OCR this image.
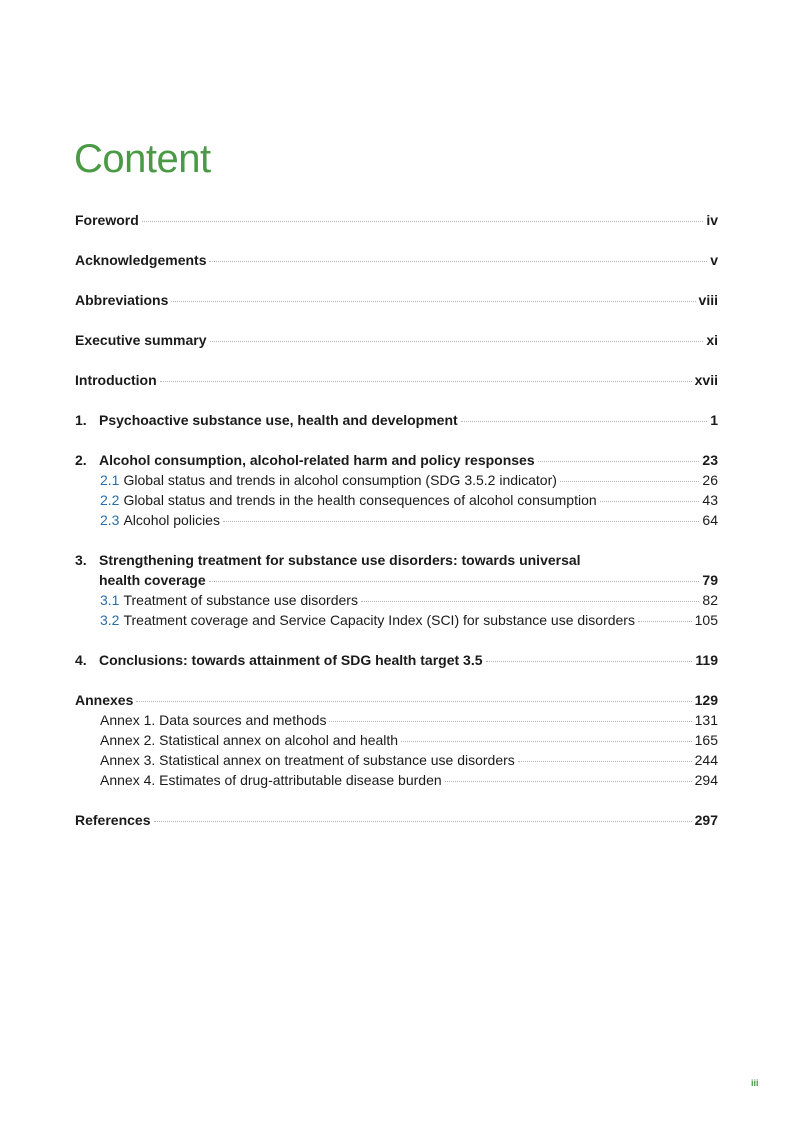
Content
Foreword	iv
Acknowledgements	v
Abbreviations	viii
Executive summary	xi
Introduction	xvii
1. Psychoactive substance use, health and development	1
2. Alcohol consumption, alcohol-related harm and policy responses	23
2.1 Global status and trends in alcohol consumption (SDG 3.5.2 indicator)	26
2.2 Global status and trends in the health consequences of alcohol consumption	43
2.3 Alcohol policies	64
3. Strengthening treatment for substance use disorders: towards universal
health coverage	79
3.1 Treatment of substance use disorders	82
3.2 Treatment coverage and Service Capacity Index (SCI) for substance use disorders	105
4. Conclusions: towards attainment of SDG health target 3.5	119
Annexes	129
Annex 1. Data sources and methods	131
Annex 2. Statistical annex on alcohol and health	165
Annex 3. Statistical annex on treatment of substance use disorders	244
Annex 4. Estimates of drug-attributable disease burden	294
References	297
iii
